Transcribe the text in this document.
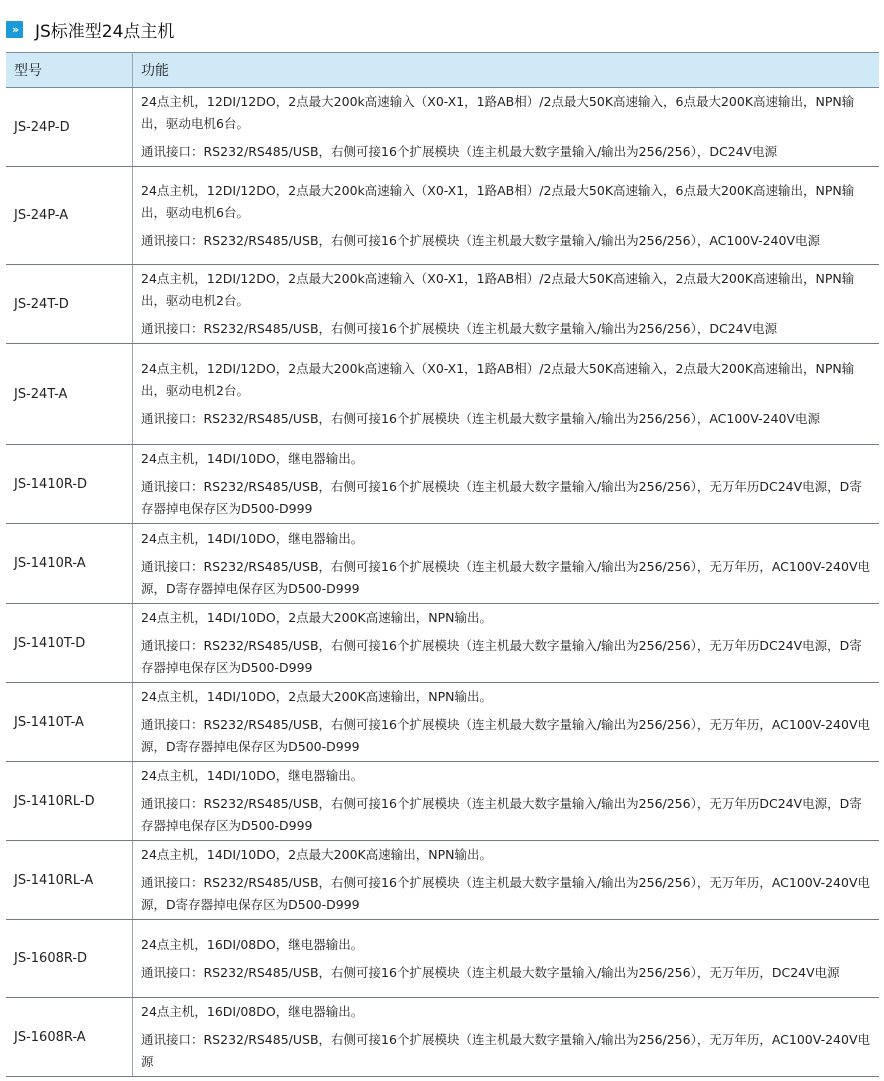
»	JS标准型24点主机
型号	功能
JS-24P-D	24点主机，12DI/12DO，2点最大200k高速输入（X0-X1，1路AB相）/2点最大50K高速输入，6点最大200K高速输出，NPN输出，驱动电机6台。
通讯接口：RS232/RS485/USB，右侧可接16个扩展模块（连主机最大数字量输入/输出为256/256），DC24V电源

JS-24P-A	24点主机，12DI/12DO，2点最大200k高速输入（X0-X1，1路AB相）/2点最大50K高速输入，6点最大200K高速输出，NPN输出，驱动电机6台。
通讯接口：RS232/RS485/USB，右侧可接16个扩展模块（连主机最大数字量输入/输出为256/256），AC100V-240V电源

JS-24T-D	24点主机，12DI/12DO，2点最大200k高速输入（X0-X1，1路AB相）/2点最大50K高速输入，2点最大200K高速输出，NPN输出，驱动电机2台。
通讯接口：RS232/RS485/USB，右侧可接16个扩展模块（连主机最大数字量输入/输出为256/256），DC24V电源

JS-24T-A	24点主机，12DI/12DO，2点最大200k高速输入（X0-X1，1路AB相）/2点最大50K高速输入，2点最大200K高速输出，NPN输出，驱动电机2台。
通讯接口：RS232/RS485/USB，右侧可接16个扩展模块（连主机最大数字量输入/输出为256/256），AC100V-240V电源

JS-1410R-D	24点主机，14DI/10DO，继电器输出。
通讯接口：RS232/RS485/USB，右侧可接16个扩展模块（连主机最大数字量输入/输出为256/256），无万年历DC24V电源，D寄存器掉电保存区为D500-D999

JS-1410R-A	24点主机，14DI/10DO，继电器输出。
通讯接口：RS232/RS485/USB，右侧可接16个扩展模块（连主机最大数字量输入/输出为256/256），无万年历，AC100V-240V电源，D寄存器掉电保存区为D500-D999

JS-1410T-D	24点主机，14DI/10DO，2点最大200K高速输出，NPN输出。
通讯接口：RS232/RS485/USB，右侧可接16个扩展模块（连主机最大数字量输入/输出为256/256），无万年历DC24V电源，D寄存器掉电保存区为D500-D999

JS-1410T-A	24点主机，14DI/10DO，2点最大200K高速输出，NPN输出。
通讯接口：RS232/RS485/USB，右侧可接16个扩展模块（连主机最大数字量输入/输出为256/256），无万年历，AC100V-240V电源，D寄存器掉电保存区为D500-D999

JS-1410RL-D	24点主机，14DI/10DO，继电器输出。
通讯接口：RS232/RS485/USB，右侧可接16个扩展模块（连主机最大数字量输入/输出为256/256），无万年历DC24V电源，D寄存器掉电保存区为D500-D999

JS-1410RL-A	24点主机，14DI/10DO，2点最大200K高速输出，NPN输出。
通讯接口：RS232/RS485/USB，右侧可接16个扩展模块（连主机最大数字量输入/输出为256/256），无万年历，AC100V-240V电源，D寄存器掉电保存区为D500-D999

JS-1608R-D	24点主机，16DI/08DO，继电器输出。
通讯接口：RS232/RS485/USB，右侧可接16个扩展模块（连主机最大数字量输入/输出为256/256），无万年历，DC24V电源

JS-1608R-A	24点主机，16DI/08DO，继电器输出。
通讯接口：RS232/RS485/USB，右侧可接16个扩展模块（连主机最大数字量输入/输出为256/256），无万年历，AC100V-240V电源
